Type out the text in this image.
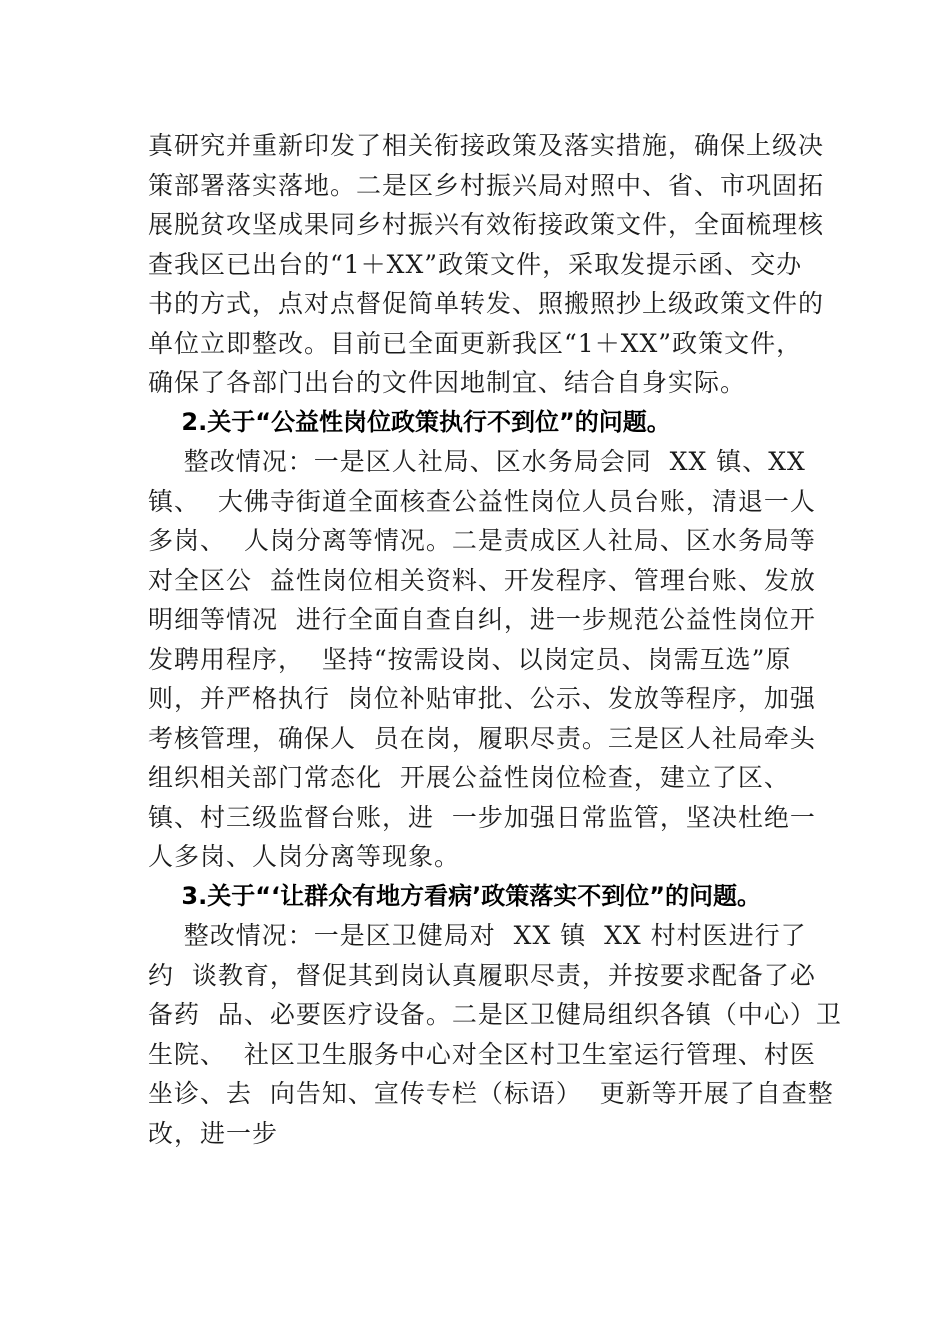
真研究并重新印发了相关衔接政策及落实措施，确保上级决
策部署落实落地。二是区乡村振兴局对照中、省、市巩固拓
展脱贫攻坚成果同乡村振兴有效衔接政策文件，全面梳理核
查我区已出台的“1＋XX”政策文件，采取发提示函、交办
书的方式，点对点督促简单转发、照搬照抄上级政策文件的
单位立即整改。目前已全面更新我区“1＋XX”政策文件，
确保了各部门出台的文件因地制宜、结合自身实际。
2.关于“公益性岗位政策执行不到位”的问题。
整改情况：一是区人社局、区水务局会同  XX 镇、XX
镇、  大佛寺街道全面核查公益性岗位人员台账，清退一人
多岗、  人岗分离等情况。二是责成区人社局、区水务局等
对全区公  益性岗位相关资料、开发程序、管理台账、发放
明细等情况  进行全面自查自纠，进一步规范公益性岗位开
发聘用程序，  坚持“按需设岗、以岗定员、岗需互选”原
则，并严格执行  岗位补贴审批、公示、发放等程序，加强
考核管理，确保人  员在岗，履职尽责。三是区人社局牵头
组织相关部门常态化  开展公益性岗位检查，建立了区、
镇、村三级监督台账，进  一步加强日常监管，坚决杜绝一
人多岗、人岗分离等现象。
3.关于“‘让群众有地方看病’政策落实不到位”的问题。
整改情况：一是区卫健局对  XX 镇  XX 村村医进行了
约  谈教育，督促其到岗认真履职尽责，并按要求配备了必
备药  品、必要医疗设备。二是区卫健局组织各镇（中心）卫
生院、  社区卫生服务中心对全区村卫生室运行管理、村医
坐诊、去  向告知、宣传专栏（标语）  更新等开展了自查整
改，进一步
